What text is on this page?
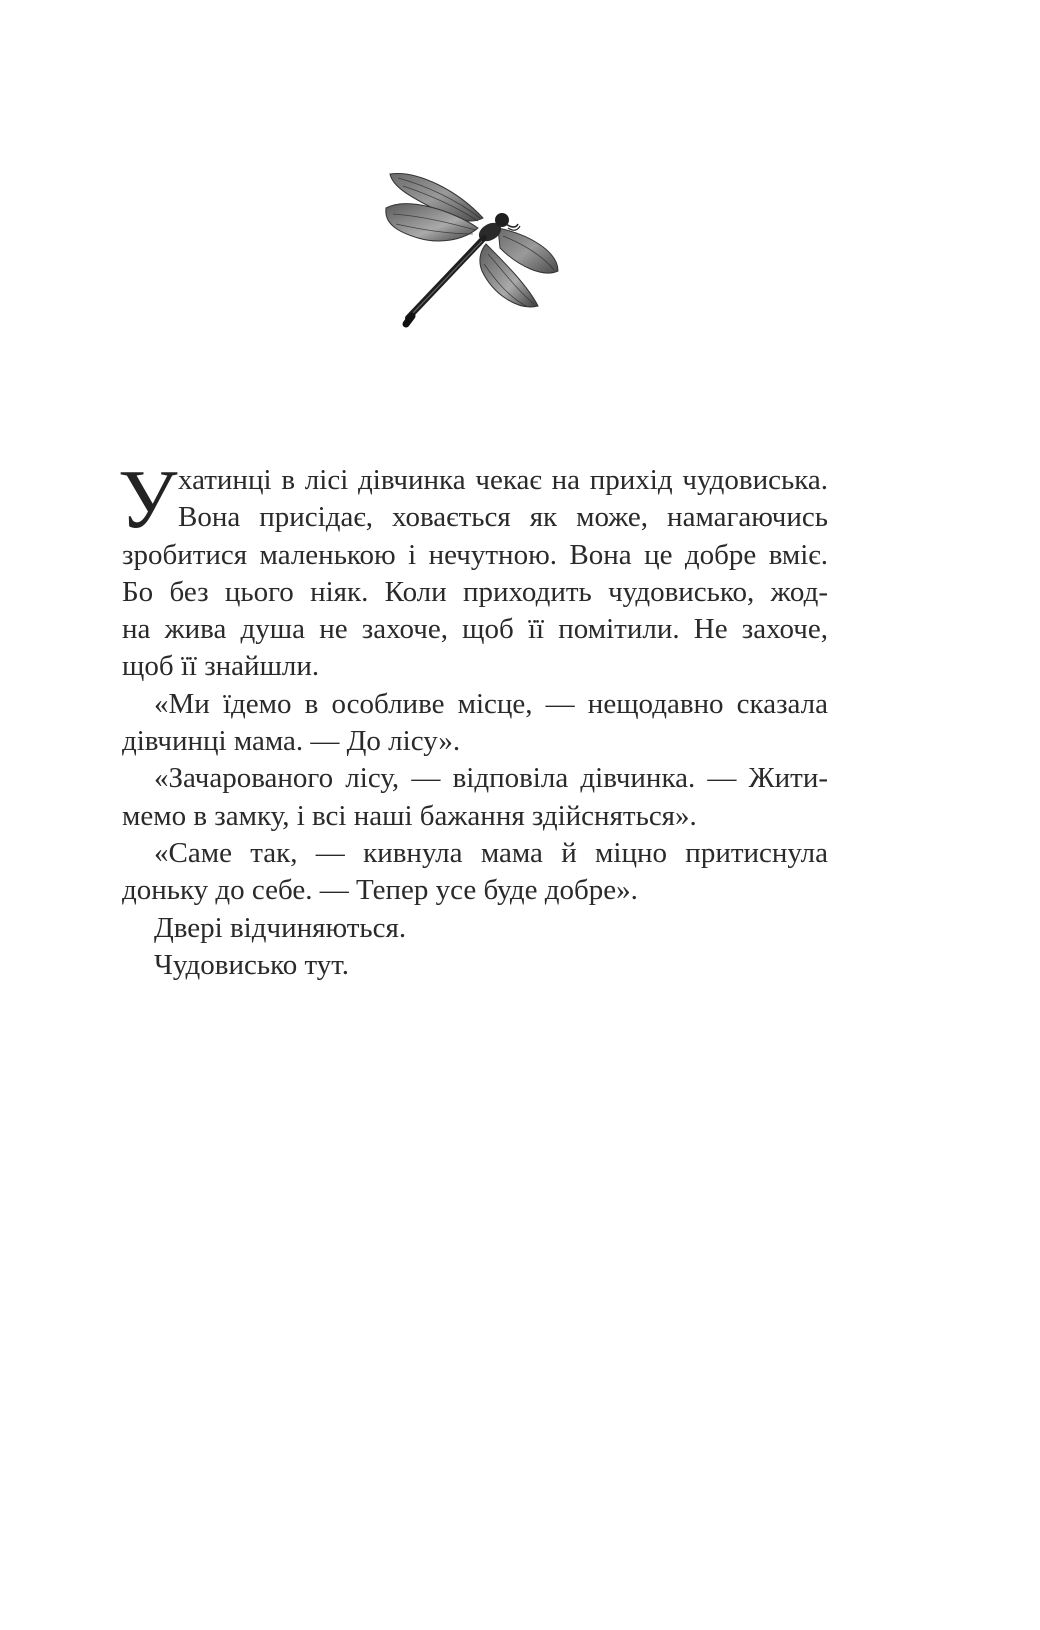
У хатинці в лісі дівчинка чекає на прихід чудовиська.
Вона присідає, ховається як може, намагаючись
зробитися маленькою і нечутною. Вона це добре вміє.
Бо без цього ніяк. Коли приходить чудовисько, жод-
на жива душа не захоче, щоб її помітили. Не захоче,
щоб її знайшли.
«Ми їдемо в особливе місце, — нещодавно сказала
дівчинці мама. — До лісу».
«Зачарованого лісу, — відповіла дівчинка. — Жити-
мемо в замку, і всі наші бажання здійсняться».
«Саме так, — кивнула мама й міцно притиснула
доньку до себе. — Тепер усе буде добре».
Двері відчиняються.
Чудовисько тут.
